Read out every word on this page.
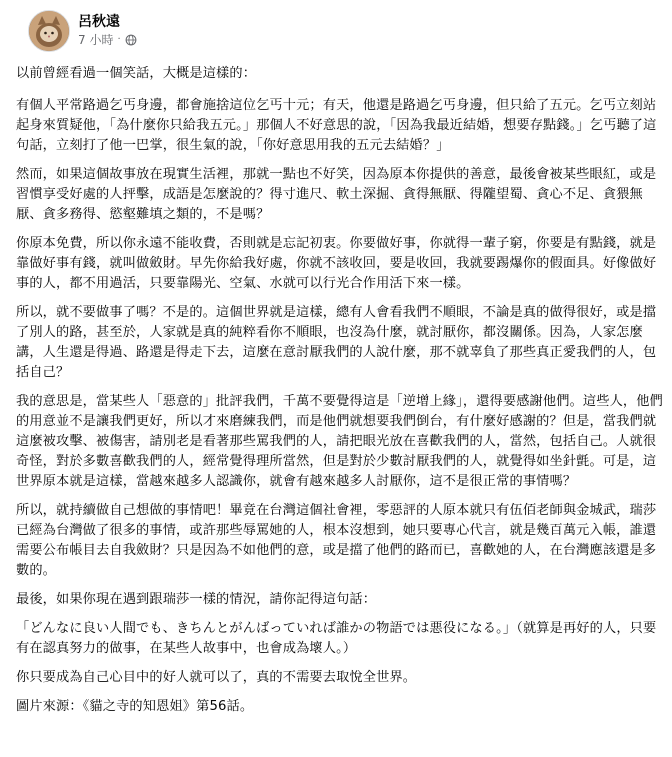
呂秋遠
7 小時 ·

以前曾經看過一個笑話，大概是這樣的：

有個人平常路過乞丐身邊，都會施捨這位乞丐十元；有天，他還是路過乞丐身邊，但只給了五元。乞丐立刻站起身來質疑他，「為什麼你只給我五元。」那個人不好意思的說，「因為我最近結婚，想要存點錢。」乞丐聽了這句話，立刻打了他一巴掌，很生氣的說，「你好意思用我的五元去結婚？」

然而，如果這個故事放在現實生活裡，那就一點也不好笑，因為原本你提供的善意，最後會被某些眼紅，或是習慣享受好處的人抨擊，成語是怎麼說的？得寸進尺、軟土深掘、貪得無厭、得隴望蜀、貪心不足、貪猥無厭、貪多務得、慾壑難填之類的，不是嗎？

你原本免費，所以你永遠不能收費，否則就是忘記初衷。你要做好事，你就得一輩子窮，你要是有點錢，就是靠做好事有錢，就叫做斂財。早先你給我好處，你就不該收回，要是收回，我就要踢爆你的假面具。好像做好事的人，都不用過活，只要靠陽光、空氣、水就可以行光合作用活下來一樣。

所以，就不要做事了嗎？不是的。這個世界就是這樣，總有人會看我們不順眼，不論是真的做得很好，或是擋了別人的路，甚至於，人家就是真的純粹看你不順眼，也沒為什麼，就討厭你，都沒關係。因為，人家怎麼講，人生還是得過、路還是得走下去，這麼在意討厭我們的人說什麼，那不就辜負了那些真正愛我們的人，包括自己？

我的意思是，當某些人「惡意的」批評我們，千萬不要覺得這是「逆增上緣」，還得要感謝他們。這些人，他們的用意並不是讓我們更好，所以才來磨練我們，而是他們就想要我們倒台，有什麼好感謝的？但是，當我們就這麼被攻擊、被傷害，請別老是看著那些罵我們的人，請把眼光放在喜歡我們的人，當然，包括自己。人就很奇怪，對於多數喜歡我們的人，經常覺得理所當然，但是對於少數討厭我們的人，就覺得如坐針氈。可是，這世界原本就是這樣，當越來越多人認識你，就會有越來越多人討厭你，這不是很正常的事情嗎？

所以，就持續做自己想做的事情吧！畢竟在台灣這個社會裡，零惡評的人原本就只有伍佰老師與金城武，瑞莎已經為台灣做了很多的事情，或許那些辱罵她的人，根本沒想到，她只要專心代言，就是幾百萬元入帳，誰還需要公布帳目去自我斂財？只是因為不如他們的意，或是擋了他們的路而已，喜歡她的人，在台灣應該還是多數的。

最後，如果你現在遇到跟瑞莎一樣的情況，請你記得這句話：

「どんなに良い人間でも、きちんとがんばっていれば誰かの物語では悪役になる。」（就算是再好的人，只要有在認真努力的做事，在某些人故事中，也會成為壞人。）

你只要成為自己心目中的好人就可以了，真的不需要去取悅全世界。

圖片來源：《貓之寺的知恩姐》第56話。
